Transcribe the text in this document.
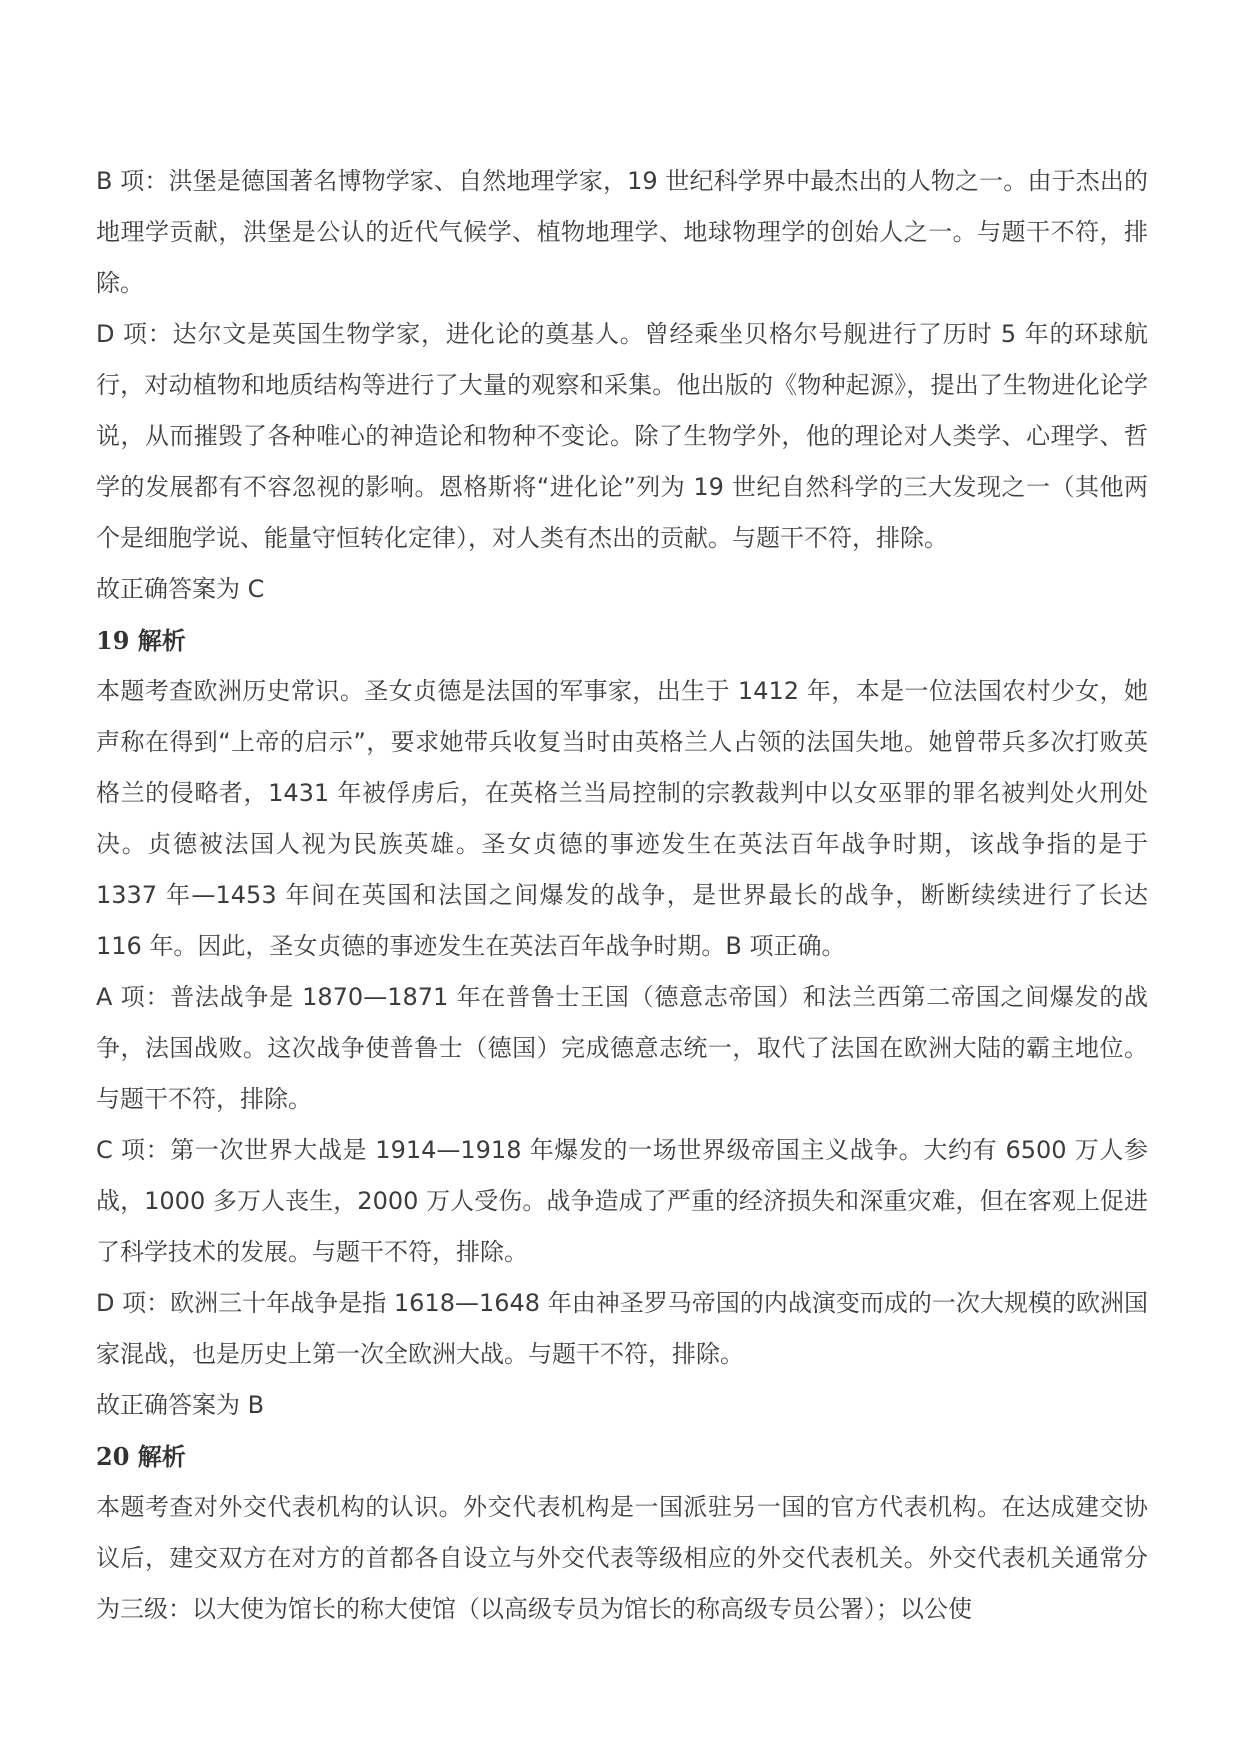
B 项：洪堡是德国著名博物学家、自然地理学家，19 世纪科学界中最杰出的人物之一。由于杰出的地理学贡献，洪堡是公认的近代气候学、植物地理学、地球物理学的创始人之一。与题干不符，排除。

D 项：达尔文是英国生物学家，进化论的奠基人。曾经乘坐贝格尔号舰进行了历时 5 年的环球航行，对动植物和地质结构等进行了大量的观察和采集。他出版的《物种起源》，提出了生物进化论学说，从而摧毁了各种唯心的神造论和物种不变论。除了生物学外，他的理论对人类学、心理学、哲学的发展都有不容忽视的影响。恩格斯将“进化论”列为 19 世纪自然科学的三大发现之一（其他两个是细胞学说、能量守恒转化定律），对人类有杰出的贡献。与题干不符，排除。

故正确答案为 C

19 解析

本题考查欧洲历史常识。圣女贞德是法国的军事家，出生于 1412 年，本是一位法国农村少女，她声称在得到“上帝的启示”，要求她带兵收复当时由英格兰人占领的法国失地。她曾带兵多次打败英格兰的侵略者，1431 年被俘虏后，在英格兰当局控制的宗教裁判中以女巫罪的罪名被判处火刑处决。贞德被法国人视为民族英雄。圣女贞德的事迹发生在英法百年战争时期，该战争指的是于 1337 年—1453 年间在英国和法国之间爆发的战争，是世界最长的战争，断断续续进行了长达 116 年。因此，圣女贞德的事迹发生在英法百年战争时期。B 项正确。

A 项：普法战争是 1870—1871 年在普鲁士王国（德意志帝国）和法兰西第二帝国之间爆发的战争，法国战败。这次战争使普鲁士（德国）完成德意志统一，取代了法国在欧洲大陆的霸主地位。与题干不符，排除。

C 项：第一次世界大战是 1914—1918 年爆发的一场世界级帝国主义战争。大约有 6500 万人参战，1000 多万人丧生，2000 万人受伤。战争造成了严重的经济损失和深重灾难，但在客观上促进了科学技术的发展。与题干不符，排除。

D 项：欧洲三十年战争是指 1618—1648 年由神圣罗马帝国的内战演变而成的一次大规模的欧洲国家混战，也是历史上第一次全欧洲大战。与题干不符，排除。

故正确答案为 B

20 解析

本题考查对外交代表机构的认识。外交代表机构是一国派驻另一国的官方代表机构。在达成建交协议后，建交双方在对方的首都各自设立与外交代表等级相应的外交代表机关。外交代表机关通常分为三级：以大使为馆长的称大使馆（以高级专员为馆长的称高级专员公署）；以公使
